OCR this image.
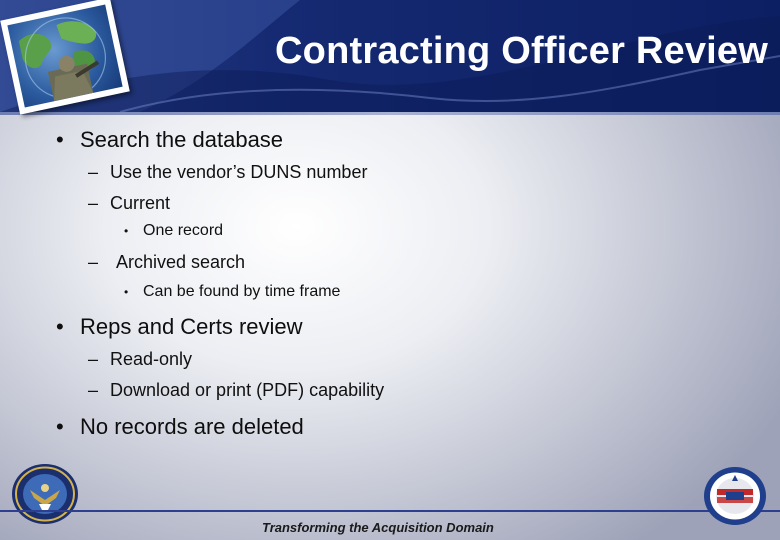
Contracting Officer Review
• Search the database
– Use the vendor’s DUNS number
– Current
• One record
– Archived search
• Can be found by time frame
• Reps and Certs review
– Read-only
– Download or print (PDF) capability
• No records are deleted
Transforming the Acquisition Domain
